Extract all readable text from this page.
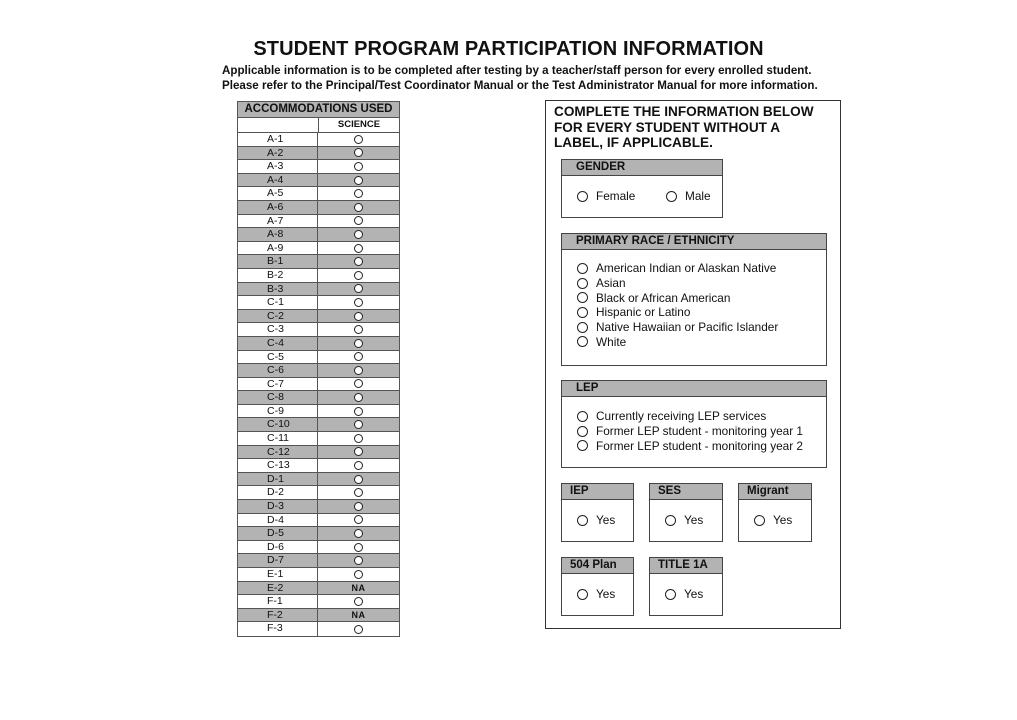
STUDENT PROGRAM PARTICIPATION INFORMATION
Applicable information is to be completed after testing by a teacher/staff person for every enrolled student.
Please refer to the Principal/Test Coordinator Manual or the Test Administrator Manual for more information.
ACCOMMODATIONS USED
SCIENCE
A-1
A-2
A-3
A-4
A-5
A-6
A-7
A-8
A-9
B-1
B-2
B-3
C-1
C-2
C-3
C-4
C-5
C-6
C-7
C-8
C-9
C-10
C-11
C-12
C-13
D-1
D-2
D-3
D-4
D-5
D-6
D-7
E-1
E-2	NA
F-1
F-2	NA
F-3
COMPLETE THE INFORMATION BELOW
FOR EVERY STUDENT WITHOUT A
LABEL, IF APPLICABLE.
GENDER
Female	Male
PRIMARY RACE / ETHNICITY
American Indian or Alaskan Native
Asian
Black or African American
Hispanic or Latino
Native Hawaiian or Pacific Islander
White
LEP
Currently receiving LEP services
Former LEP student - monitoring year 1
Former LEP student - monitoring year 2
IEP
Yes
SES
Yes
Migrant
Yes
504 Plan
Yes
TITLE 1A
Yes
